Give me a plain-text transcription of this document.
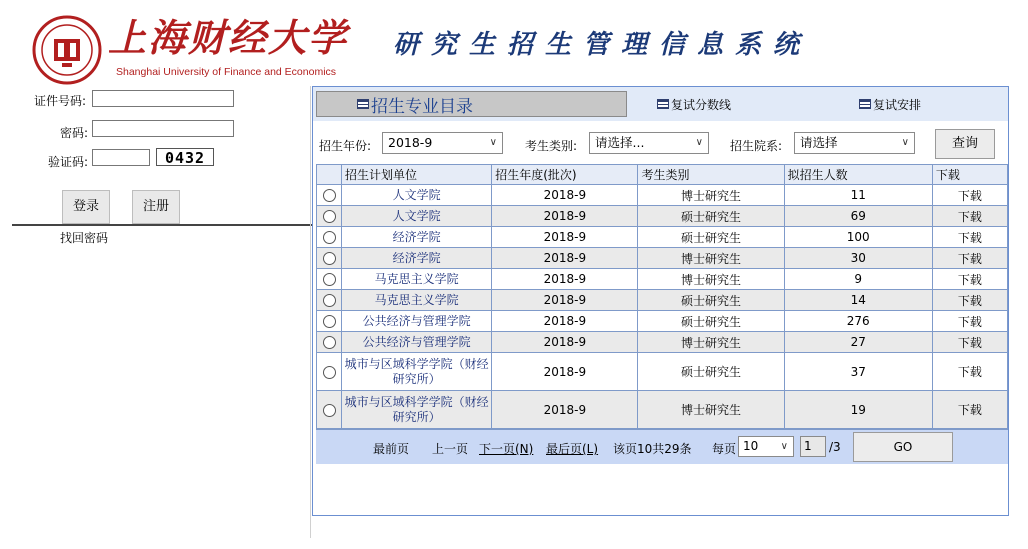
上海财经大学
Shanghai University of Finance and Economics
研究生招生管理信息系统
证件号码:
密码:
验证码:	0432
登录	注册
找回密码
招生专业目录	复试分数线	复试安排
招生年份:	2018-9	∨ 考生类别:	请选择...	∨ 招生院系:	请选择	∨	查询
	招生计划单位	招生年度(批次)	考生类别	拟招生人数	下载
	人文学院	2018-9	博士研究生	11	下载
	人文学院	2018-9	硕士研究生	69	下载
	经济学院	2018-9	硕士研究生	100	下载
	经济学院	2018-9	博士研究生	30	下载
	马克思主义学院	2018-9	博士研究生	9	下载
	马克思主义学院	2018-9	硕士研究生	14	下载
	公共经济与管理学院	2018-9	硕士研究生	276	下载
	公共经济与管理学院	2018-9	博士研究生	27	下载
	城市与区域科学学院（财经研究所）	2018-9	硕士研究生	37	下载
	城市与区域科学学院（财经研究所）	2018-9	博士研究生	19	下载
最前页 上一页 下一页(N) 最后页(L) 该页10共29条 每页 10 ∨	1	/3	GO
